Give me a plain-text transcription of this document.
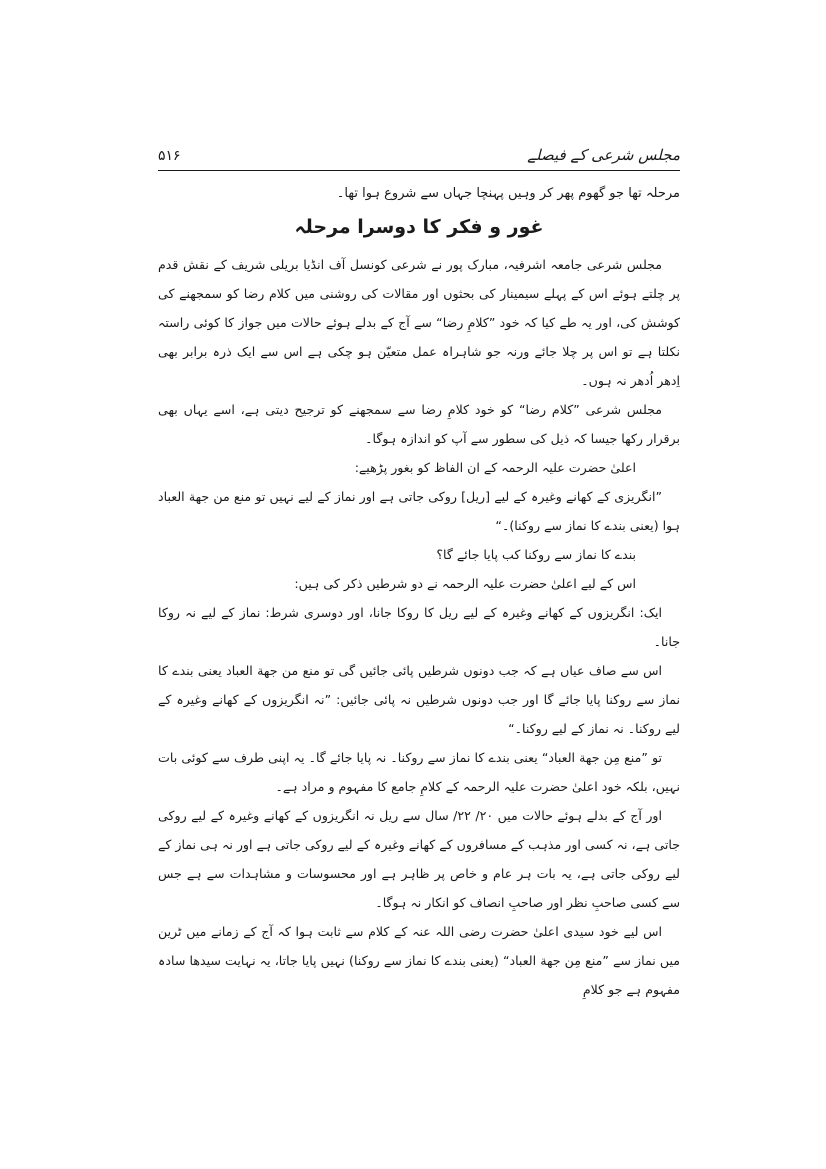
مجلس شرعی کے فیصلے
۵۱۶

مرحلہ تھا جو گھوم پھر کر وہیں پہنچا جہاں سے شروع ہوا تھا۔

غور و فکر کا دوسرا مرحلہ

مجلس شرعی جامعہ اشرفیہ، مبارک پور نے شرعی کونسل آف انڈیا بریلی شریف کے نقش قدم پر چلتے ہوئے اس کے پہلے سیمینار کی بحثوں اور مقالات کی روشنی میں کلام رضا کو سمجھنے کی کوشش کی، اور یہ طے کیا کہ خود ”کلامِ رضا“ سے آج کے بدلے ہوئے حالات میں جواز کا کوئی راستہ نکلتا ہے تو اس پر چلا جائے ورنہ جو شاہراہ عمل متعیّن ہو چکی ہے اس سے ایک ذرہ برابر بھی اِدھر اُدھر نہ ہوں۔

مجلس شرعی ”کلام رضا“ کو خود کلامِ رضا سے سمجھنے کو ترجیح دیتی ہے، اسے یہاں بھی برقرار رکھا جیسا کہ ذیل کی سطور سے آپ کو اندازہ ہوگا۔

اعلیٰ حضرت علیہ الرحمہ کے ان الفاظ کو بغور پڑھیے:

”انگریزی کے کھانے وغیرہ کے لیے [ریل] روکی جاتی ہے اور نماز کے لیے نہیں تو منع من جهة العباد ہوا (یعنی بندے کا نماز سے روکنا)۔“

بندے کا نماز سے روکنا کب پایا جائے گا؟

اس کے لیے اعلیٰ حضرت علیہ الرحمہ نے دو شرطیں ذکر کی ہیں:

ایک: انگریزوں کے کھانے وغیرہ کے لیے ریل کا روکا جانا، اور دوسری شرط: نماز کے لیے نہ روکا جانا۔

اس سے صاف عیاں ہے کہ جب دونوں شرطیں پائی جائیں گی تو منع من جهة العباد یعنی بندے کا نماز سے روکنا پایا جائے گا اور جب دونوں شرطیں نہ پائی جائیں: ”نہ انگریزوں کے کھانے وغیرہ کے لیے روکنا۔ نہ نماز کے لیے روکنا۔“

تو ”منع مِن جهة العباد“ یعنی بندے کا نماز سے روکنا۔ نہ پایا جائے گا۔ یہ اپنی طرف سے کوئی بات نہیں، بلکہ خود اعلیٰ حضرت علیہ الرحمہ کے کلامِ جامع کا مفہوم و مراد ہے۔

اور آج کے بدلے ہوئے حالات میں ۲۰/ ۲۲/ سال سے ریل نہ انگریزوں کے کھانے وغیرہ کے لیے روکی جاتی ہے، نہ کسی اور مذہب کے مسافروں کے کھانے وغیرہ کے لیے روکی جاتی ہے اور نہ ہی نماز کے لیے روکی جاتی ہے، یہ بات ہر عام و خاص پر ظاہر ہے اور محسوسات و مشاہدات سے ہے جس سے کسی صاحبِ نظر اور صاحبِ انصاف کو انکار نہ ہوگا۔

اس لیے خود سیدی اعلیٰ حضرت رضی اللہ عنہ کے کلام سے ثابت ہوا کہ آج کے زمانے میں ٹرین میں نماز سے ”منع مِن جهة العباد“ (یعنی بندے کا نماز سے روکنا) نہیں پایا جاتا، یہ نہایت سیدھا سادہ مفہوم ہے جو کلامِ
